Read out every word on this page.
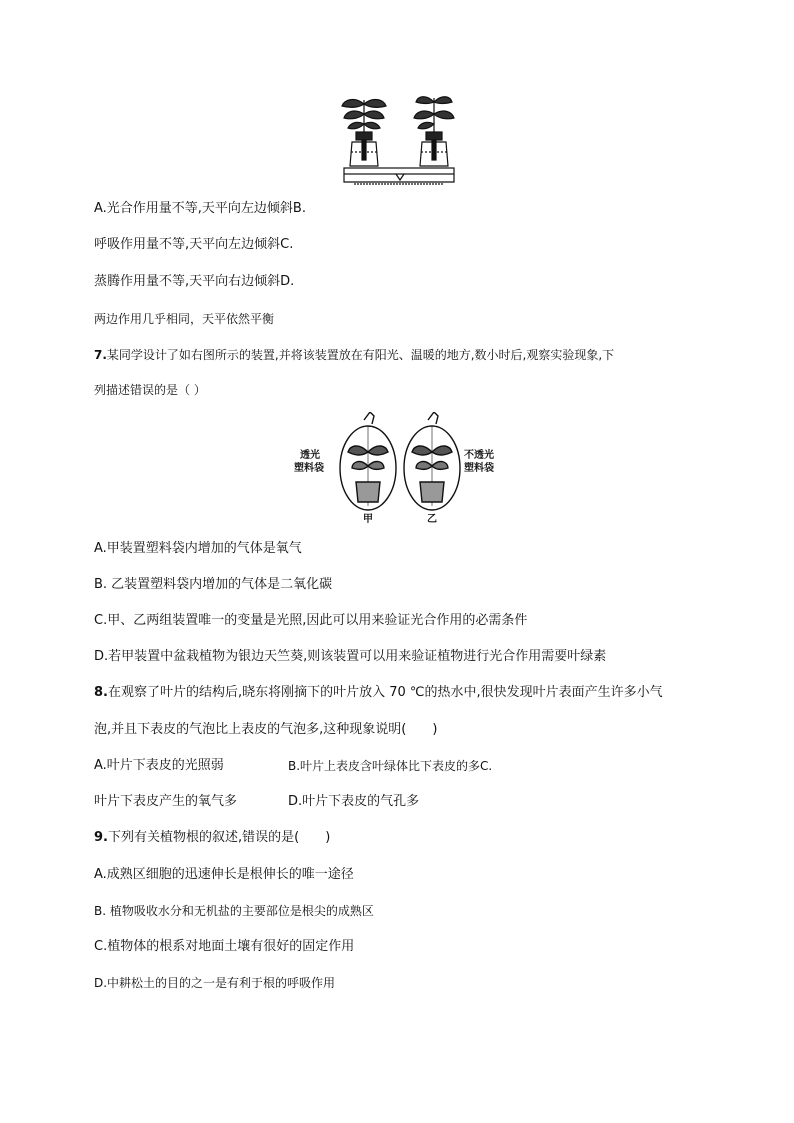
A.光合作用量不等,天平向左边倾斜B.
呼吸作用量不等,天平向左边倾斜C.
蒸腾作用量不等,天平向右边倾斜D.
两边作用几乎相同，天平依然平衡
7.某同学设计了如右图所示的装置,并将该装置放在有阳光、温暖的地方,数小时后,观察实验现象,下
列描述错误的是（ ）
透光
塑料袋
不透光
塑料袋
甲	乙
A.甲装置塑料袋内增加的气体是氧气
B. 乙装置塑料袋内增加的气体是二氧化碳
C.甲、乙两组装置唯一的变量是光照,因此可以用来验证光合作用的必需条件
D.若甲装置中盆栽植物为银边天竺葵,则该装置可以用来验证植物进行光合作用需要叶绿素
8.在观察了叶片的结构后,晓东将刚摘下的叶片放入 70 ℃的热水中,很快发现叶片表面产生许多小气
泡,并且下表皮的气泡比上表皮的气泡多,这种现象说明(　　)
A.叶片下表皮的光照弱	B.叶片上表皮含叶绿体比下表皮的多C.
叶片下表皮产生的氧气多	D.叶片下表皮的气孔多
9.下列有关植物根的叙述,错误的是(　　)
A.成熟区细胞的迅速伸长是根伸长的唯一途径
B. 植物吸收水分和无机盐的主要部位是根尖的成熟区
C.植物体的根系对地面土壤有很好的固定作用
D.中耕松土的目的之一是有利于根的呼吸作用
